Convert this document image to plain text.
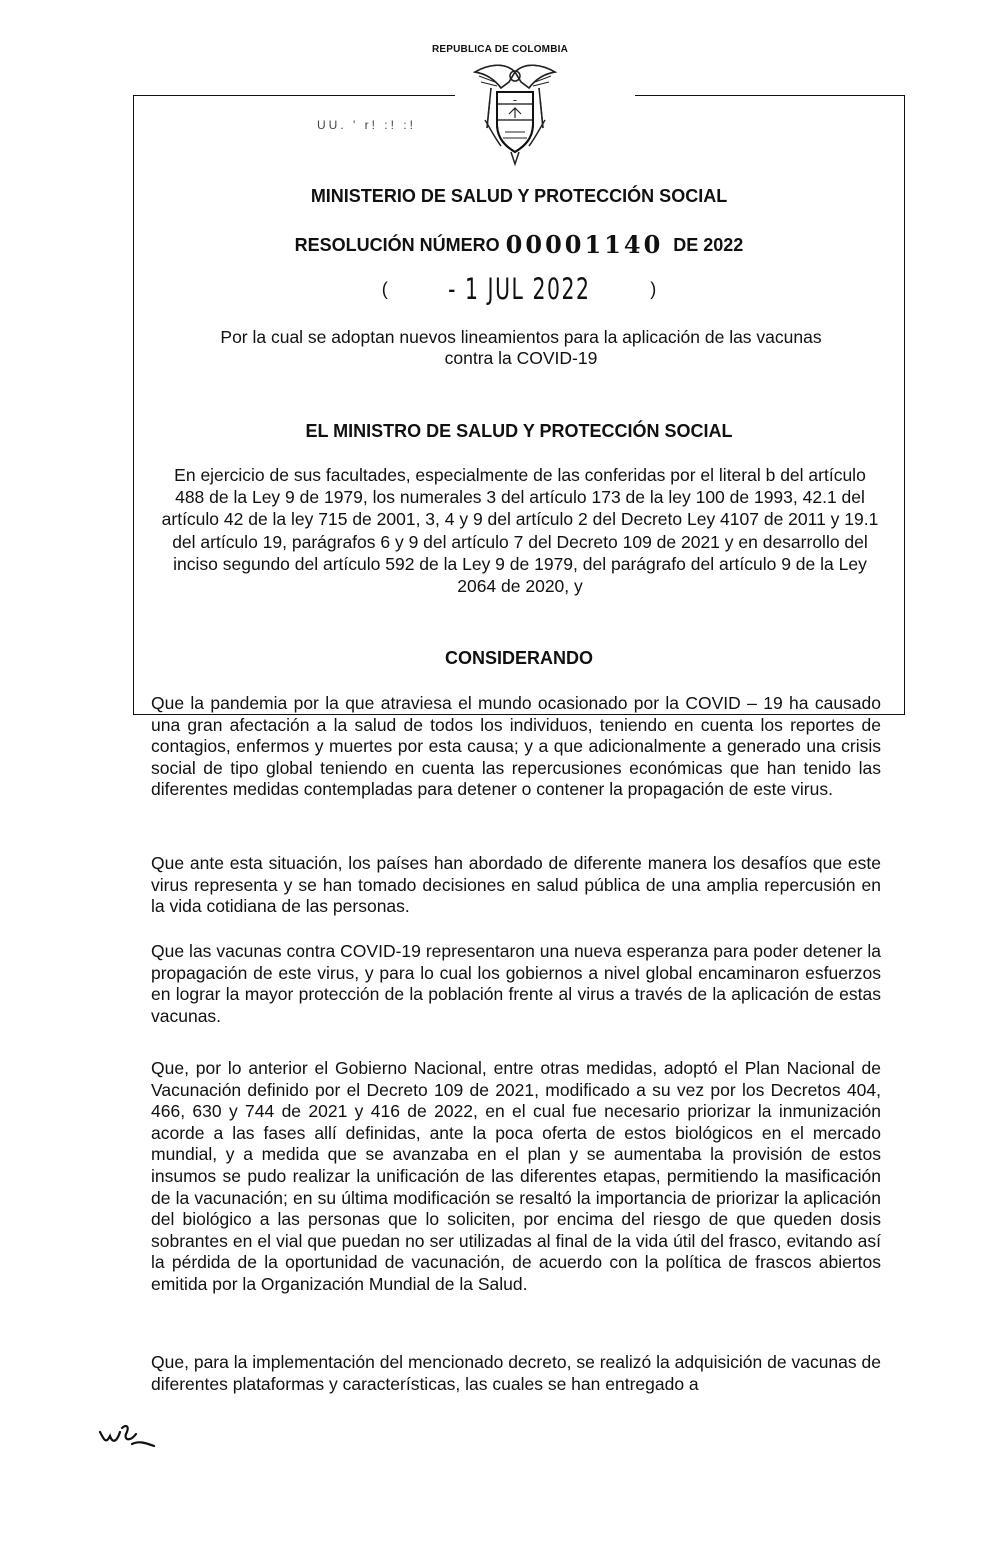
REPUBLICA DE COLOMBIA
UU. ' r! :! :!
MINISTERIO DE SALUD Y PROTECCIÓN SOCIAL
RESOLUCIÓN NÚMERO 00001140 DE 2022
( - 1 JUL 2022	)
Por la cual se adoptan nuevos lineamientos para la aplicación de las vacunas
contra la COVID-19
EL MINISTRO DE SALUD Y PROTECCIÓN SOCIAL
En ejercicio de sus facultades, especialmente de las conferidas por el literal b del artículo 488 de la Ley 9 de 1979, los numerales 3 del artículo 173 de la ley 100 de 1993, 42.1 del artículo 42 de la ley 715 de 2001, 3, 4 y 9 del artículo 2 del Decreto Ley 4107 de 2011 y 19.1 del artículo 19, parágrafos 6 y 9 del artículo 7 del Decreto 109 de 2021 y en desarrollo del inciso segundo del artículo 592 de la Ley 9 de 1979, del parágrafo del artículo 9 de la Ley 2064 de 2020, y
CONSIDERANDO
Que la pandemia por la que atraviesa el mundo ocasionado por la COVID – 19 ha causado una gran afectación a la salud de todos los individuos, teniendo en cuenta los reportes de contagios, enfermos y muertes por esta causa; y a que adicionalmente a generado una crisis social de tipo global teniendo en cuenta las repercusiones económicas que han tenido las diferentes medidas contempladas para detener o contener la propagación de este virus.
Que ante esta situación, los países han abordado de diferente manera los desafíos que este virus representa y se han tomado decisiones en salud pública de una amplia repercusión en la vida cotidiana de las personas.
Que las vacunas contra COVID-19 representaron una nueva esperanza para poder detener la propagación de este virus, y para lo cual los gobiernos a nivel global encaminaron esfuerzos en lograr la mayor protección de la población frente al virus a través de la aplicación de estas vacunas.
Que, por lo anterior el Gobierno Nacional, entre otras medidas, adoptó el Plan Nacional de Vacunación definido por el Decreto 109 de 2021, modificado a su vez por los Decretos 404, 466, 630 y 744 de 2021 y 416 de 2022, en el cual fue necesario priorizar la inmunización acorde a las fases allí definidas, ante la poca oferta de estos biológicos en el mercado mundial, y a medida que se avanzaba en el plan y se aumentaba la provisión de estos insumos se pudo realizar la unificación de las diferentes etapas, permitiendo la masificación de la vacunación; en su última modificación se resaltó la importancia de priorizar la aplicación del biológico a las personas que lo soliciten, por encima del riesgo de que queden dosis sobrantes en el vial que puedan no ser utilizadas al final de la vida útil del frasco, evitando así la pérdida de la oportunidad de vacunación, de acuerdo con la política de frascos abiertos emitida por la Organización Mundial de la Salud.
Que, para la implementación del mencionado decreto, se realizó la adquisición de vacunas de diferentes plataformas y características, las cuales se han entregado a
